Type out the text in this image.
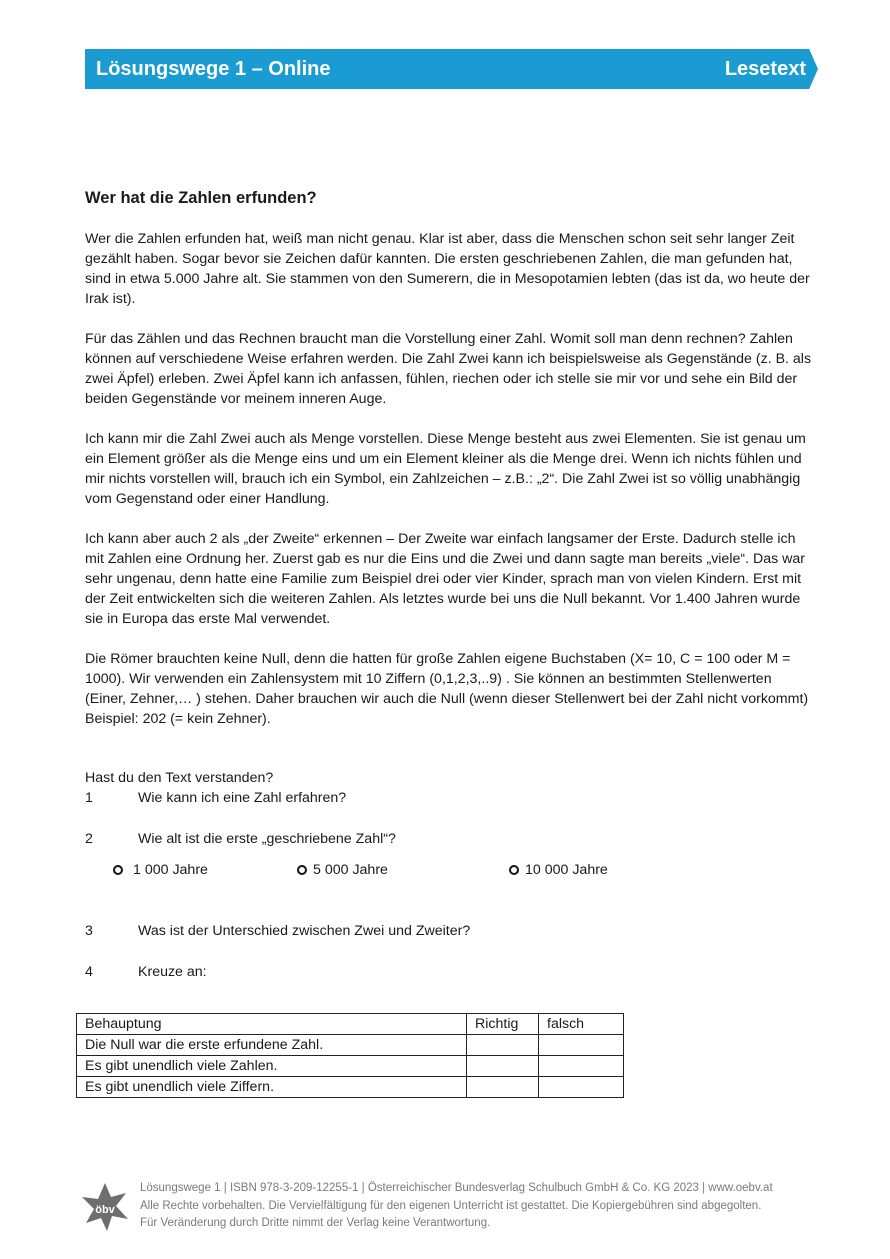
Lösungswege 1 – Online	Lesetext
Wer hat die Zahlen erfunden?

Wer die Zahlen erfunden hat, weiß man nicht genau. Klar ist aber, dass die Menschen schon seit sehr langer Zeit gezählt haben. Sogar bevor sie Zeichen dafür kannten. Die ersten geschriebenen Zahlen, die man gefunden hat, sind in etwa 5.000 Jahre alt. Sie stammen von den Sumerern, die in Mesopotamien lebten (das ist da, wo heute der Irak ist).

Für das Zählen und das Rechnen braucht man die Vorstellung einer Zahl. Womit soll man denn rechnen? Zahlen können auf verschiedene Weise erfahren werden. Die Zahl Zwei kann ich beispielsweise als Gegenstände (z. B. als zwei Äpfel) erleben. Zwei Äpfel kann ich anfassen, fühlen, riechen oder ich stelle sie mir vor und sehe ein Bild der beiden Gegenstände vor meinem inneren Auge.

Ich kann mir die Zahl Zwei auch als Menge vorstellen. Diese Menge besteht aus zwei Elementen. Sie ist genau um ein Element größer als die Menge eins und um ein Element kleiner als die Menge drei. Wenn ich nichts fühlen und mir nichts vorstellen will, brauch ich ein Symbol, ein Zahlzeichen – z.B.: „2“. Die Zahl Zwei ist so völlig unabhängig vom Gegenstand oder einer Handlung.

Ich kann aber auch 2 als „der Zweite“ erkennen – Der Zweite war einfach langsamer der Erste. Dadurch stelle ich mit Zahlen eine Ordnung her. Zuerst gab es nur die Eins und die Zwei und dann sagte man bereits „viele“. Das war sehr ungenau, denn hatte eine Familie zum Beispiel drei oder vier Kinder, sprach man von vielen Kindern. Erst mit der Zeit entwickelten sich die weiteren Zahlen. Als letztes wurde bei uns die Null bekannt. Vor 1.400 Jahren wurde sie in Europa das erste Mal verwendet.

Die Römer brauchten keine Null, denn die hatten für große Zahlen eigene Buchstaben (X= 10, C = 100 oder M = 1000). Wir verwenden ein Zahlensystem mit 10 Ziffern (0,1,2,3,..9) . Sie können an bestimmten Stellenwerten (Einer, Zehner,… ) stehen. Daher brauchen wir auch die Null (wenn dieser Stellenwert bei der Zahl nicht vorkommt) Beispiel: 202 (= kein Zehner).

Hast du den Text verstanden?
1	Wie kann ich eine Zahl erfahren?
2	Wie alt ist die erste „geschriebene Zahl“?
1 000 Jahre	5 000 Jahre	10 000 Jahre
3	Was ist der Unterschied zwischen Zwei und Zweiter?
4	Kreuze an:
Behauptung	Richtig	falsch
Die Null war die erste erfundene Zahl.		
Es gibt unendlich viele Zahlen.		
Es gibt unendlich viele Ziffern.		
öbv
Lösungswege 1 | ISBN 978-3-209-12255-1 | Österreichischer Bundesverlag Schulbuch GmbH & Co. KG 2023 | www.oebv.at
Alle Rechte vorbehalten. Die Vervielfältigung für den eigenen Unterricht ist gestattet. Die Kopiergebühren sind abgegolten.
Für Veränderung durch Dritte nimmt der Verlag keine Verantwortung.
